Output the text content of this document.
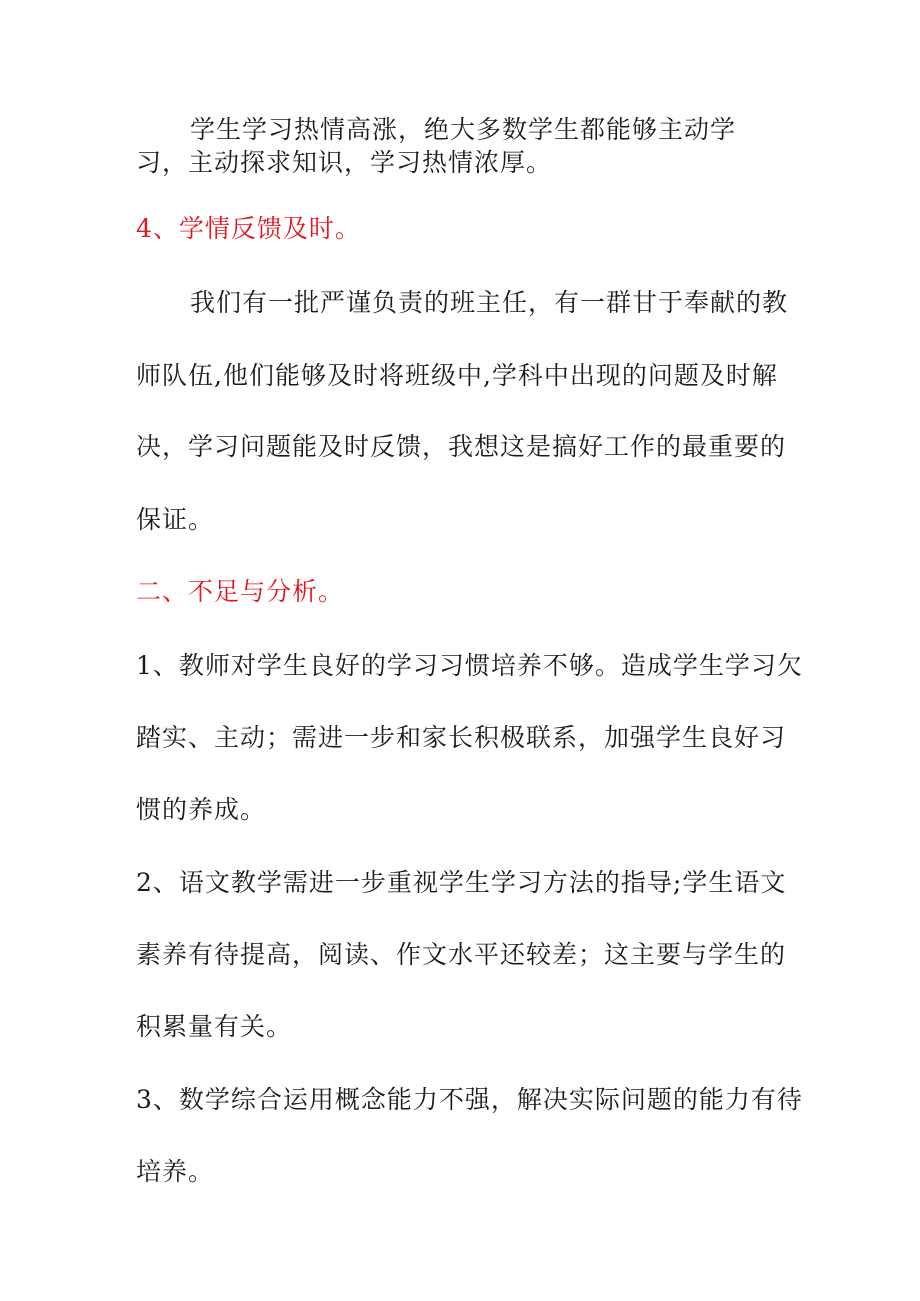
学生学习热情高涨，绝大多数学生都能够主动学
习，主动探求知识，学习热情浓厚。
4、学情反馈及时。
我们有一批严谨负责的班主任，有一群甘于奉献的教
师队伍,他们能够及时将班级中,学科中出现的问题及时解
决，学习问题能及时反馈，我想这是搞好工作的最重要的
保证。
二、不足与分析。
1、教师对学生良好的学习习惯培养不够。造成学生学习欠
踏实、主动；需进一步和家长积极联系，加强学生良好习
惯的养成。
2、语文教学需进一步重视学生学习方法的指导;学生语文
素养有待提高，阅读、作文水平还较差；这主要与学生的
积累量有关。
3、数学综合运用概念能力不强，解决实际问题的能力有待
培养。
